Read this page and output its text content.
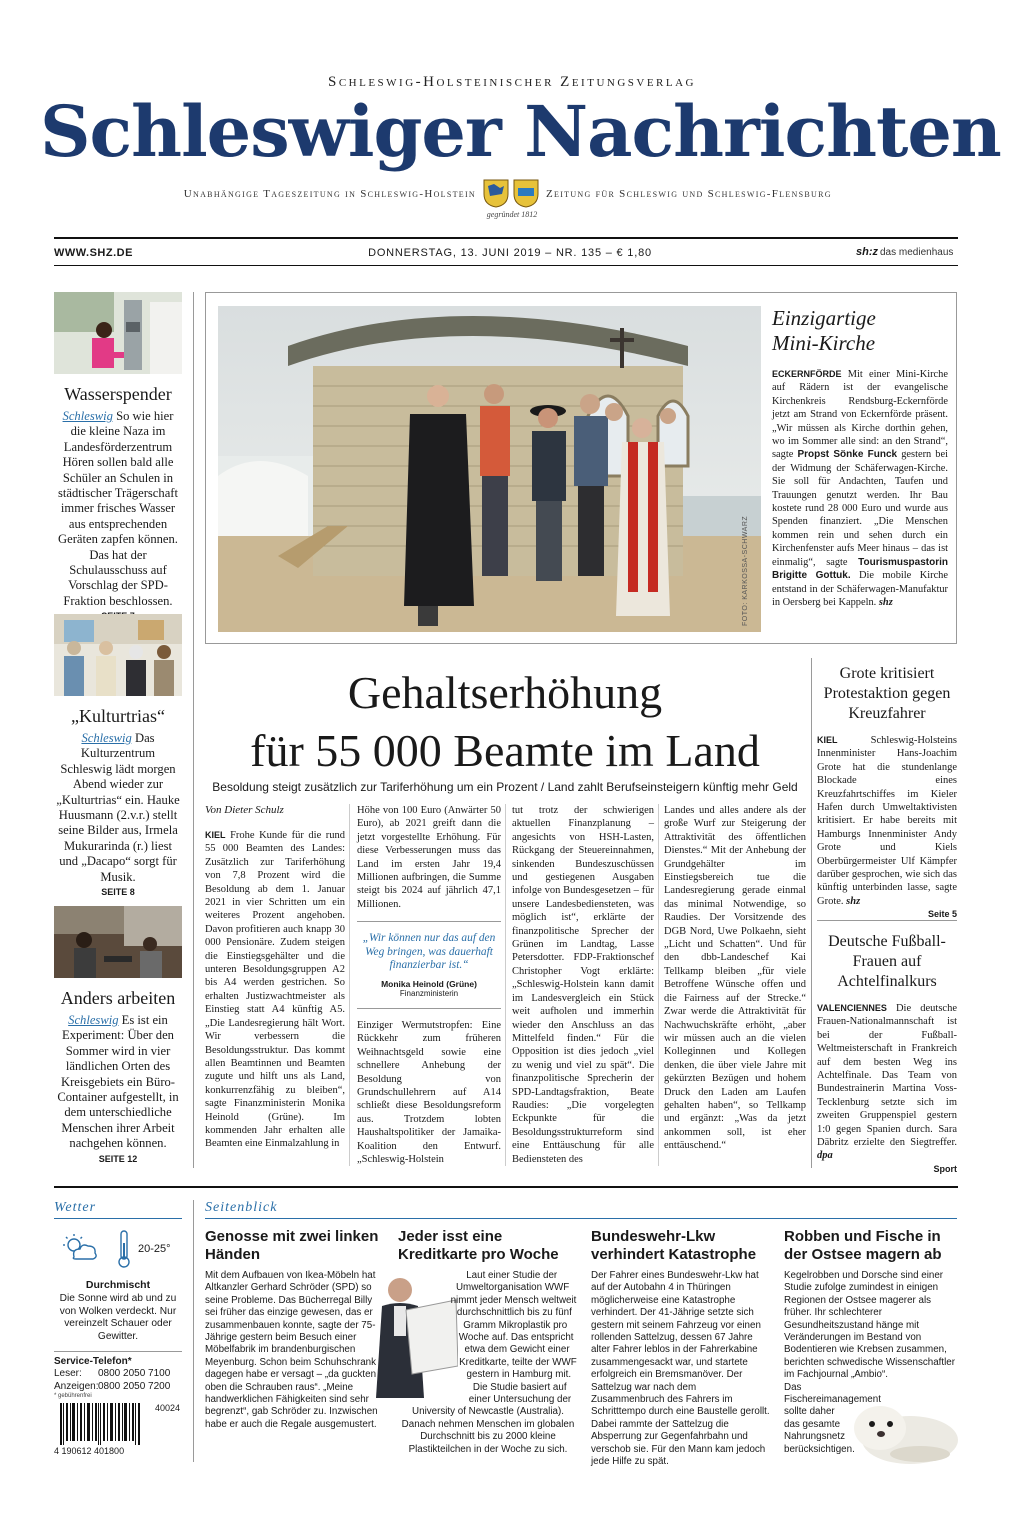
Schleswig-Holsteinischer Zeitungsverlag
Schleswiger Nachrichten
Unabhängige Tageszeitung in Schleswig-Holstein	Zeitung für Schleswig und Schleswig-Flensburg
gegründet 1812
WWW.SHZ.DE	DONNERSTAG, 13. JUNI 2019 – NR. 135 – € 1,80	sh:z das medienhaus
Wasserspender
Schleswig So wie hier die kleine Naza im Landesförderzentrum Hören sollen bald alle Schüler an Schulen in städtischer Trägerschaft immer frisches Wasser aus entsprechenden Geräten zapfen können. Das hat der Schulausschuss auf Vorschlag der SPD-Fraktion beschlossen.
„Kulturtrias“
Schleswig Das Kulturzentrum Schleswig lädt morgen Abend wieder zur „Kulturtrias“ ein. Hauke Huusmann (2.v.r.) stellt seine Bilder aus, Irmela Mukurarinda (r.) liest und „Dacapo“ sorgt für Musik.
SEITE 8
Anders arbeiten
Schleswig Es ist ein Experiment: Über den Sommer wird in vier ländlichen Orten des Kreisgebiets ein Büro-Container aufgestellt, in dem unterschiedliche Menschen ihrer Arbeit nachgehen können.
SEITE 12
FOTO: KARKOSSA-SCHWARZ
Einzigartige
Mini-Kirche
ECKERNFÖRDE Mit einer Mini-Kirche auf Rädern ist der evangelische Kirchenkreis Rendsburg-Eckernförde jetzt am Strand von Eckernförde präsent. „Wir müssen als Kirche dorthin gehen, wo im Sommer alle sind: an den Strand“, sagte Propst Sönke Funck gestern bei der Widmung der Schäferwagen-Kirche. Sie soll für Andachten, Taufen und Trauungen genutzt werden. Ihr Bau kostete rund 28 000 Euro und wurde aus Spenden finanziert. „Die Menschen kommen rein und sehen durch ein Kirchenfenster aufs Meer hinaus – das ist einmalig“, sagte Tourismuspastorin Brigitte Gottuk. Die mobile Kirche entstand in der Schäferwagen-Manufaktur in Oersberg bei Kappeln. shz
Gehaltserhöhung
für 55 000 Beamte im Land
Besoldung steigt zusätzlich zur Tariferhöhung um ein Prozent / Land zahlt Berufseinsteigern künftig mehr Geld
Von Dieter Schulz
KIEL Frohe Kunde für die rund 55 000 Beamten des Landes: Zusätzlich zur Tariferhöhung von 7,8 Prozent wird die Besoldung ab dem 1. Januar 2021 in vier Schritten um ein weiteres Prozent angehoben. Davon profitieren auch knapp 30 000 Pensionäre. Zudem steigen die Einstiegsgehälter und die unteren Besoldungsgruppen A2 bis A4 werden gestrichen. So erhalten Justizwachtmeister als Einstieg statt A4 künftig A5. „Die Landesregierung hält Wort. Wir verbessern die Besoldungsstruktur. Das kommt allen Beamtinnen und Beamten zugute und hilft uns als Land, konkurrenzfähig zu bleiben“, sagte Finanzministerin Monika Heinold (Grüne). Im kommenden Jahr erhalten alle Beamten eine Einmalzahlung in
Höhe von 100 Euro (Anwärter 50 Euro), ab 2021 greift dann die jetzt vorgestellte Erhöhung. Für diese Verbesserungen muss das Land im ersten Jahr 19,4 Millionen aufbringen, die Summe steigt bis 2024 auf jährlich 47,1 Millionen.
„Wir können nur das auf den Weg bringen, was dauerhaft finanzierbar ist.“
Monika Heinold (Grüne)
Finanzministerin
Einziger Wermutstropfen: Eine Rückkehr zum früheren Weihnachtsgeld sowie eine schnellere Anhebung der Besoldung von Grundschullehrern auf A14 schließt diese Besoldungsreform aus. Trotzdem lobten Haushaltspolitiker der Jamaika-Koalition den Entwurf. „Schleswig-Holstein
tut trotz der schwierigen aktuellen Finanzplanung – angesichts von HSH-Lasten, Rückgang der Steuereinnahmen, sinkenden Bundeszuschüssen und gestiegenen Ausgaben infolge von Bundesgesetzen – für unsere Landesbediensteten, was möglich ist“, erklärte der finanzpolitische Sprecher der Grünen im Landtag, Lasse Petersdotter. FDP-Fraktionschef Christopher Vogt erklärte: „Schleswig-Holstein kann damit im Landesvergleich ein Stück weit aufholen und immerhin wieder den Anschluss an das Mittelfeld finden.“ Für die Opposition ist dies jedoch „viel zu wenig und viel zu spät“. Die finanzpolitische Sprecherin der SPD-Landtagsfraktion, Beate Raudies: „Die vorgelegten Eckpunkte für die Besoldungsstrukturreform sind eine Enttäuschung für alle Bediensteten des
Landes und alles andere als der große Wurf zur Steigerung der Attraktivität des öffentlichen Dienstes.“ Mit der Anhebung der Grundgehälter im Einstiegsbereich tue die Landesregierung gerade einmal das minimal Notwendige, so Raudies. Der Vorsitzende des DGB Nord, Uwe Polkaehn, sieht „Licht und Schatten“. Und für den dbb-Landeschef Kai Tellkamp bleiben „für viele Betroffene Wünsche offen und die Fairness auf der Strecke.“ Zwar werde die Attraktivität für Nachwuchskräfte erhöht, „aber wir müssen auch an die vielen Kolleginnen und Kollegen denken, die über viele Jahre mit gekürzten Bezügen und hohem Druck den Laden am Laufen gehalten haben“, so Tellkamp und ergänzt: „Was da jetzt ankommen soll, ist eher enttäuschend.“
Grote kritisiert Protestaktion gegen Kreuzfahrer
KIEL	Schleswig-Holsteins Innenminister Hans-Joachim Grote hat die stundenlange Blockade eines Kreuzfahrtschiffes im Kieler Hafen durch Umweltaktivisten kritisiert. Er habe bereits mit Hamburgs Innenminister Andy Grote und Kiels Oberbürgermeister Ulf Kämpfer darüber gesprochen, wie sich das künftig unterbinden lasse, sagte Grote. shz
Seite 5
Deutsche Fußball-Frauen auf Achtelfinalkurs
VALENCIENNES Die deutsche Frauen-Nationalmannschaft ist bei der Fußball-Weltmeisterschaft in Frankreich auf dem besten Weg ins Achtelfinale. Das Team von Bundestrainerin Martina Voss-Tecklenburg setzte sich im zweiten Gruppenspiel gestern 1:0 gegen Spanien durch. Sara Däbritz erzielte den Siegtreffer. dpa
Sport
Wetter
20-25°
Durchmischt
Die Sonne wird ab und zu von Wolken verdeckt. Nur vereinzelt Schauer oder Gewitter.
Service-Telefon*
Leser: 0800 2050 7100
Anzeigen:0800 2050 7200
* gebührenfrei
40024
4 190612 401800
Seitenblick
Genosse mit zwei linken Händen
Mit dem Aufbauen von Ikea-Möbeln hat Altkanzler Gerhard Schröder (SPD) so seine Probleme. Das Bücherregal Billy sei früher das einzige gewesen, das er zusammenbauen konnte, sagte der 75-Jährige gestern beim Besuch einer Möbelfabrik im brandenburgischen Meyenburg. Schon beim Schuhschrank dagegen habe er versagt – „da guckten oben die Schrauben raus“. „Meine handwerklichen Fähigkeiten sind sehr begrenzt“, gab Schröder zu. Inzwischen habe er auch die Regale ausgemustert.
Jeder isst eine Kreditkarte pro Woche
Laut einer Studie der Umweltorganisation WWF nimmt jeder Mensch weltweit durchschnittlich bis zu fünf Gramm Mikroplastik pro Woche auf. Das entspricht etwa dem Gewicht einer Kreditkarte, teilte der WWF gestern in Hamburg mit. Die Studie basiert auf einer Untersuchung der University of Newcastle (Australia). Danach nehmen Menschen im globalen Durchschnitt bis zu 2000 kleine Plastikteilchen in der Woche zu sich.
Bundeswehr-Lkw verhindert Katastrophe
Der Fahrer eines Bundeswehr-Lkw hat auf der Autobahn 4 in Thüringen möglicherweise eine Katastrophe verhindert. Der 41-Jährige setzte sich gestern mit seinem Fahrzeug vor einen rollenden Sattelzug, dessen 67 Jahre alter Fahrer leblos in der Fahrerkabine zusammengesackt war, und startete erfolgreich ein Bremsmanöver. Der Sattelzug war nach dem Zusammenbruch des Fahrers im Schritttempo durch eine Baustelle gerollt. Dabei rammte der Sattelzug die Absperrung zur Gegenfahrbahn und verschob sie. Für den Mann kam jedoch jede Hilfe zu spät.
Robben und Fische in der Ostsee magern ab
Kegelrobben und Dorsche sind einer Studie zufolge zumindest in einigen Regionen der Ostsee magerer als früher. Ihr schlechterer Gesundheitszustand hänge mit Veränderungen im Bestand von Bodentieren wie Krebsen zusammen, berichten schwedische Wissenschaftler im Fachjournal „Ambio“.
Das Fischereimanagement sollte daher das gesamte Nahrungsnetz berücksichtigen.
